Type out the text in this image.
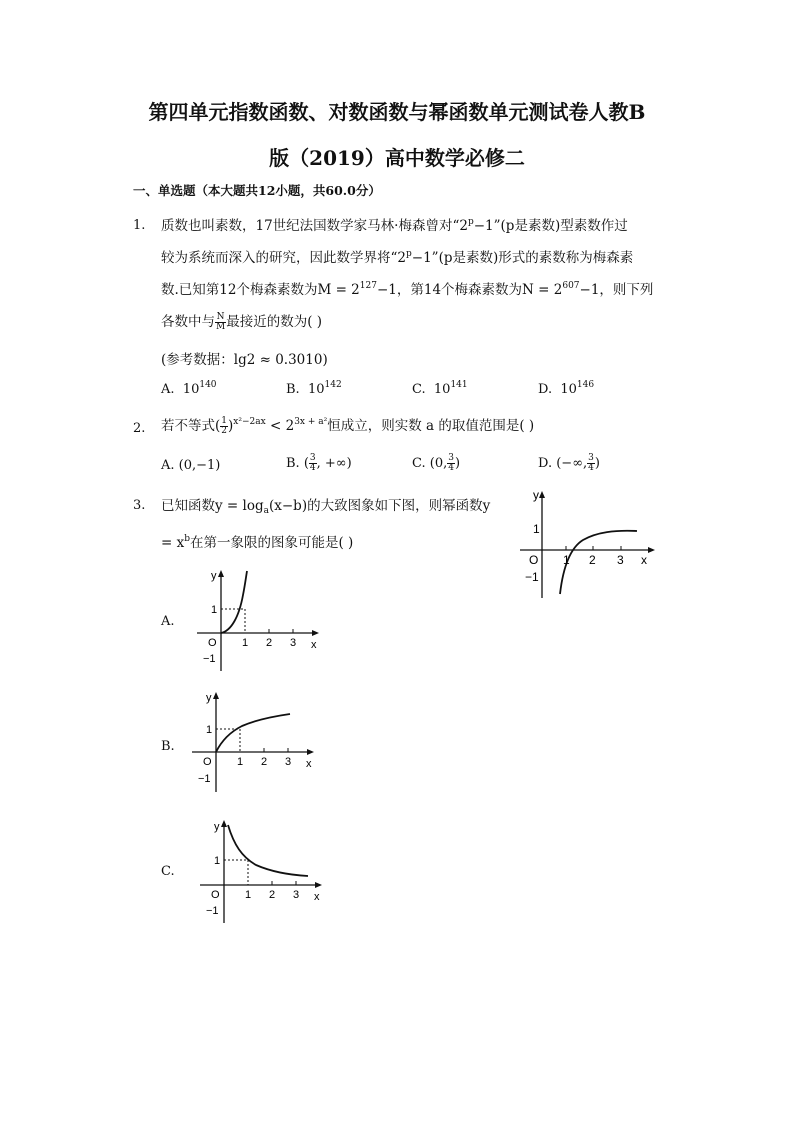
第四单元指数函数、对数函数与幂函数单元测试卷人教B
版（2019）高中数学必修二
一、单选题（本大题共12小题，共60.0分）
1. 质数也叫素数，17世纪法国数学家马林·梅森曾对“$2^p-1”(p$是素数)型素数作过
较为系统而深入的研究，因此数学界将“$2^p-1”(p$是素数)形式的素数称为梅森素
数.已知第12个梅森素数为$M = 2^{127}-1$，第14个梅森素数为$N = 2^{607}-1$，则下列
各数中与 $\frac{N}{M}$ 最接近的数为( )
(参考数据：lg2 ≈ 0.3010)
A. $10^{140}$	B. $10^{142}$	C. $10^{141}$	D. $10^{146}$
2. 若不等式( $\frac{1}{2} )^{x^2-2ax} < 2^{3x + a^2}$恒成立，则实数 a 的取值范围是( )
A. (0,−1)	B. ( $\frac{3}{4}$ , +∞)	C. (0, $\frac{3}{4}$ )	D. (−∞, $\frac{3}{4}$ )
3. 已知函数$y = \log_a(x-b)$的大致图象如下图，则幂函数y
= $x^b$在第一象限的图象可能是( )
y
1
O 1 2 3 x
−1
A.
y
1
O 1 2 3 x
−1
B.
y
1
O 1 2 3 x
−1
C.
y
1
O 1 2 3 x
−1
